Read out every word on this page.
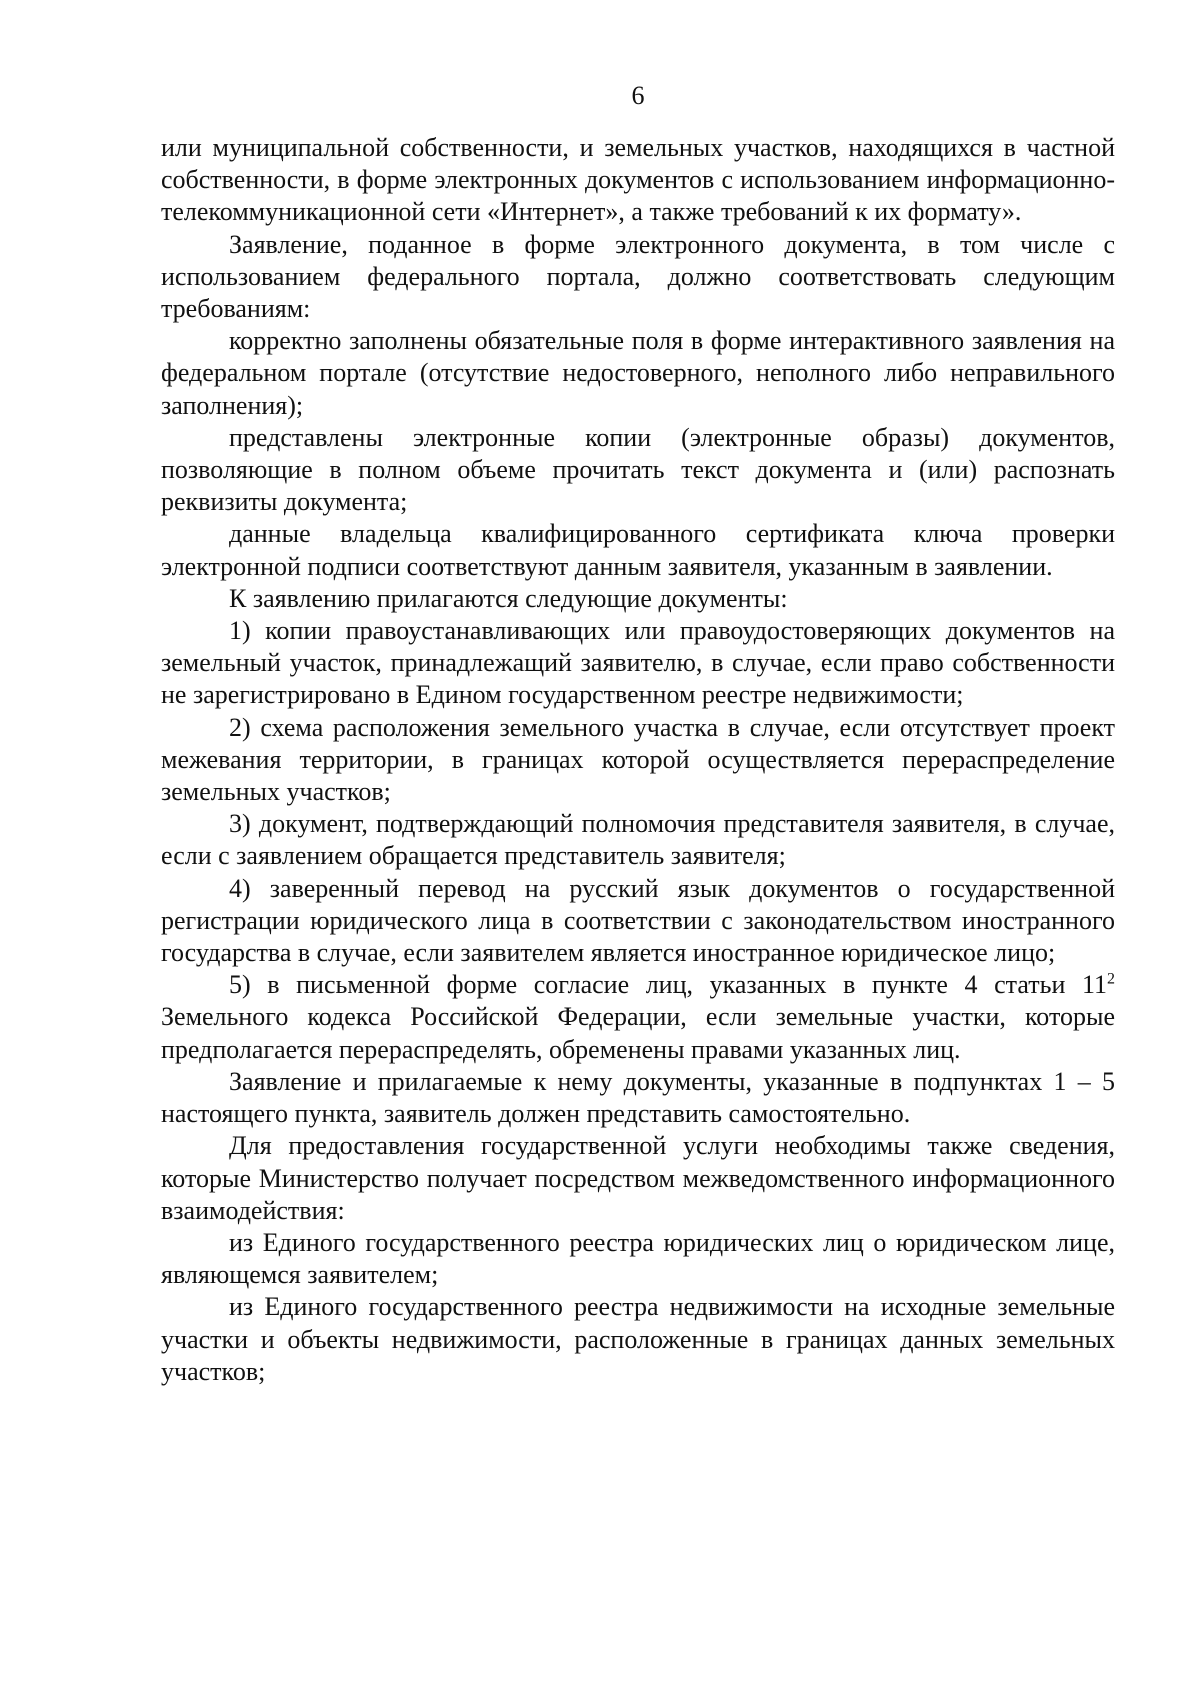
6

или муниципальной собственности, и земельных участков, находящихся в частной собственности, в форме электронных документов с использованием информационно-телекоммуникационной сети «Интернет», а также требований к их формату».

Заявление, поданное в форме электронного документа, в том числе с использованием федерального портала, должно соответствовать следующим требованиям:

корректно заполнены обязательные поля в форме интерактивного заявления на федеральном портале (отсутствие недостоверного, неполного либо неправильного заполнения);

представлены электронные копии (электронные образы) документов, позволяющие в полном объеме прочитать текст документа и (или) распознать реквизиты документа;

данные владельца квалифицированного сертификата ключа проверки электронной подписи соответствуют данным заявителя, указанным в заявлении.

К заявлению прилагаются следующие документы:

1) копии правоустанавливающих или правоудостоверяющих документов на земельный участок, принадлежащий заявителю, в случае, если право собственности не зарегистрировано в Едином государственном реестре недвижимости;

2) схема расположения земельного участка в случае, если отсутствует проект межевания территории, в границах которой осуществляется перераспределение земельных участков;

3) документ, подтверждающий полномочия представителя заявителя, в случае, если с заявлением обращается представитель заявителя;

4) заверенный перевод на русский язык документов о государственной регистрации юридического лица в соответствии с законодательством иностранного государства в случае, если заявителем является иностранное юридическое лицо;

5) в письменной форме согласие лиц, указанных в пункте 4 статьи $11^2$ Земельного кодекса Российской Федерации, если земельные участки, которые предполагается перераспределять, обременены правами указанных лиц.

Заявление и прилагаемые к нему документы, указанные в подпунктах 1 – 5 настоящего пункта, заявитель должен представить самостоятельно.

Для предоставления государственной услуги необходимы также сведения, которые Министерство получает посредством межведомственного информационного взаимодействия:

из Единого государственного реестра юридических лиц о юридическом лице, являющемся заявителем;

из Единого государственного реестра недвижимости на исходные земельные участки и объекты недвижимости, расположенные в границах данных земельных участков;
